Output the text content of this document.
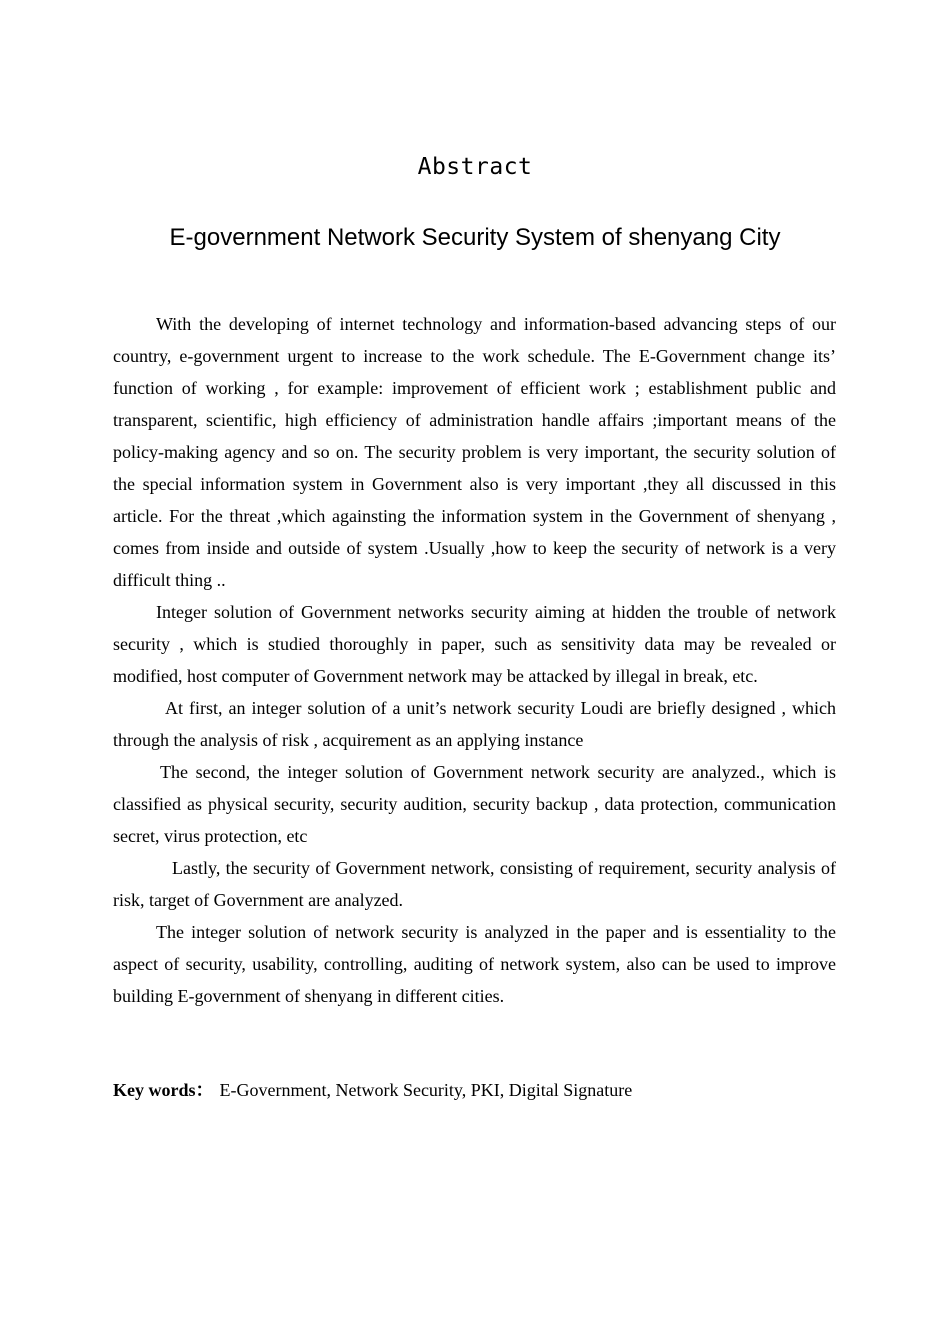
Abstract
E-government Network Security System of shenyang City

With the developing of internet technology and information-based advancing steps of our country, e-government urgent to increase to the work schedule. The E-Government change its’ function of working , for example: improvement of efficient work ; establishment public and transparent, scientific, high efficiency of administration handle affairs ;important means of the policy-making agency and so on. The security problem is very important, the security solution of the special information system in Government also is very important ,they all discussed in this article. For the threat ,which againsting the information system in the Government of shenyang , comes from inside and outside of system .Usually ,how to keep the security of network is a very difficult thing ..

Integer solution of Government networks security aiming at hidden the trouble of network security , which is studied thoroughly in paper, such as sensitivity data may be revealed or modified, host computer of Government network may be attacked by illegal in break, etc.

At first, an integer solution of a unit’s network security Loudi are briefly designed , which through the analysis of risk , acquirement as an applying instance

The second, the integer solution of Government network security are analyzed., which is classified as physical security, security audition, security backup , data protection, communication secret, virus protection, etc

Lastly, the security of Government network, consisting of requirement, security analysis of risk, target of Government are analyzed.

The integer solution of network security is analyzed in the paper and is essentiality to the aspect of security, usability, controlling, auditing of network system, also can be used to improve building E-government of shenyang in different cities.

Key words： E-Government, Network Security, PKI, Digital Signature
